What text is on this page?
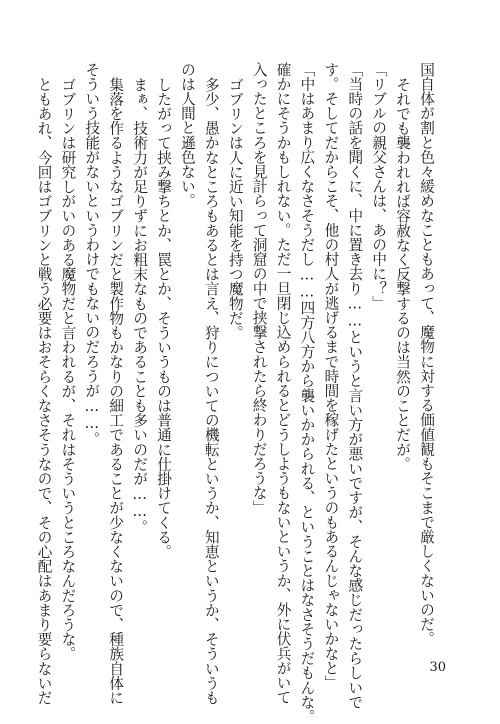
国自体が割と色々緩めなこともあって、魔物に対する価値観もそこまで厳しくないのだ。
それでも襲われれば容赦なく反撃するのは当然のことだが。
「リブルの親父さんは、あの中に？」
「当時の話を聞くに、中に置き去り……というと言い方が悪いですが、そんな感じだったらしいで
す。そしてだからこそ、他の村人が逃げるまで時間を稼げたというのもあるんじゃないかなと」
「中はあまり広くなさそうだし……四方八方から襲いかかられる、ということはなさそうだもんな。
確かにそうかもしれない。ただ一旦閉じ込められるとどうしようもないというか、外に伏兵がいて
入ったところを見計らって洞窟の中で挟撃されたら終わりだろうな」
ゴブリンは人に近い知能を持つ魔物だ。
多少、愚かなところもあるとは言え、狩りについての機転というか、知恵というか、そういうも
のは人間と遜色ない。
したがって挟み撃ちとか、罠とか、そういうものは普通に仕掛けてくる。
まぁ、技術力が足りずにお粗末なものであることも多いのだが……。
集落を作るようなゴブリンだと製作物もかなりの細工であることが少なくないので、種族自体に
そういう技能がないというわけでもないのだろうが……。
ゴブリンは研究しがいのある魔物だと言われるが、それはそういうところなんだろうな。
ともあれ、今回はゴブリンと戦う必要はおそらくなさそうなので、その心配はあまり要らないだ	30
